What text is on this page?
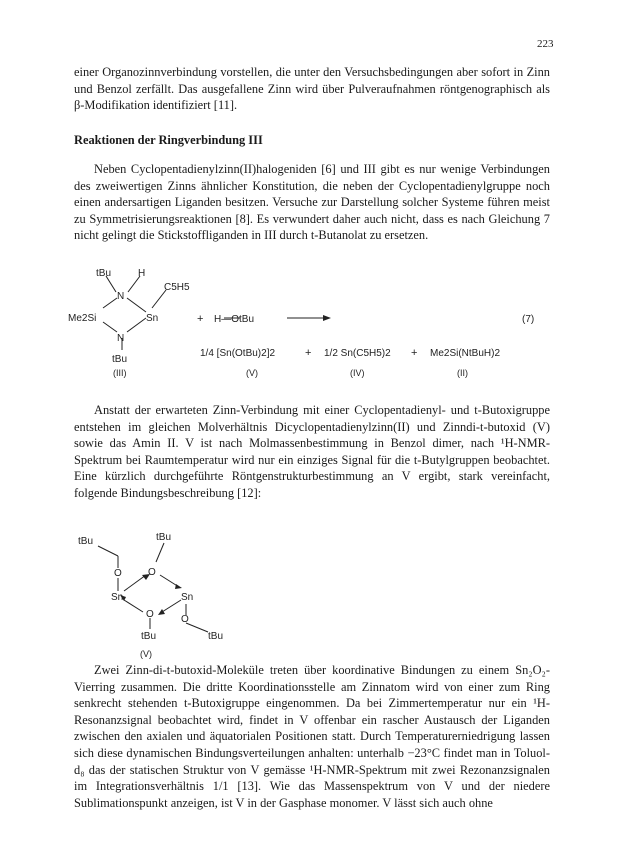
223

einer Organozinnverbindung vorstellen, die unter den Versuchsbedingungen aber sofort in Zinn und Benzol zerfällt. Das ausgefallene Zinn wird über Pulveraufnahmen röntgenographisch als β-Modifikation identifiziert [11].

Reaktionen der Ringverbindung III

Neben Cyclopentadienylzinn(II)halogeniden [6] und III gibt es nur wenige Verbindungen des zweiwertigen Zinns ähnlicher Konstitution, die neben der Cyclopentadienylgruppe noch einen andersartigen Liganden besitzen. Versuche zur Darstellung solcher Systeme führen meist zu Symmetrisierungsreaktionen [8]. Es verwundert daher auch nicht, dass es nach Gleichung 7 nicht gelingt die Stickstoffliganden in III durch t-Butanolat zu ersetzen.

tBu	H
N
Me2Si	Sn
C5H5
N
tBu
+ H—OtBu	(7)
1/4 [Sn(OtBu)2]2	+ 1/2 Sn(C5H5)2 + Me2Si(NtBuH)2
(III)	(V)	(IV)	(II)

Anstatt der erwarteten Zinn-Verbindung mit einer Cyclopentadienyl- und t-Butoxigruppe entstehen im gleichen Molverhältnis Dicyclopentadienylzinn(II) und Zinndi-t-butoxid (V) sowie das Amin II. V ist nach Molmassenbestimmung in Benzol dimer, nach ¹H-NMR-Spektrum bei Raumtemperatur wird nur ein einziges Signal für die t-Butylgruppen beobachtet. Eine kürzlich durchgeführte Röntgenstrukturbestimmung an V ergibt, stark vereinfacht, folgende Bindungsbeschreibung [12]:

tBu	tBu
O	O
Sn	Sn
O	O
tBu	tBu
(V)

Zwei Zinn-di-t-butoxid-Moleküle treten über koordinative Bindungen zu einem Sn₂O₂-Vierring zusammen. Die dritte Koordinationsstelle am Zinnatom wird von einer zum Ring senkrecht stehenden t-Butoxigruppe eingenommen. Da bei Zimmertemperatur nur ein ¹H-Resonanzsignal beobachtet wird, findet in V offenbar ein rascher Austausch der Liganden zwischen den axialen und äquatorialen Positionen statt. Durch Temperaturerniedrigung lassen sich diese dynamischen Bindungsverteilungen anhalten: unterhalb −23°C findet man in Toluol-d₈ das der statischen Struktur von V gemässe ¹H-NMR-Spektrum mit zwei Rezonanzsignalen im Integrationsverhältnis 1/1 [13]. Wie das Massenspektrum von V und der niedere Sublimationspunkt anzeigen, ist V in der Gasphase monomer. V lässt sich auch ohne
